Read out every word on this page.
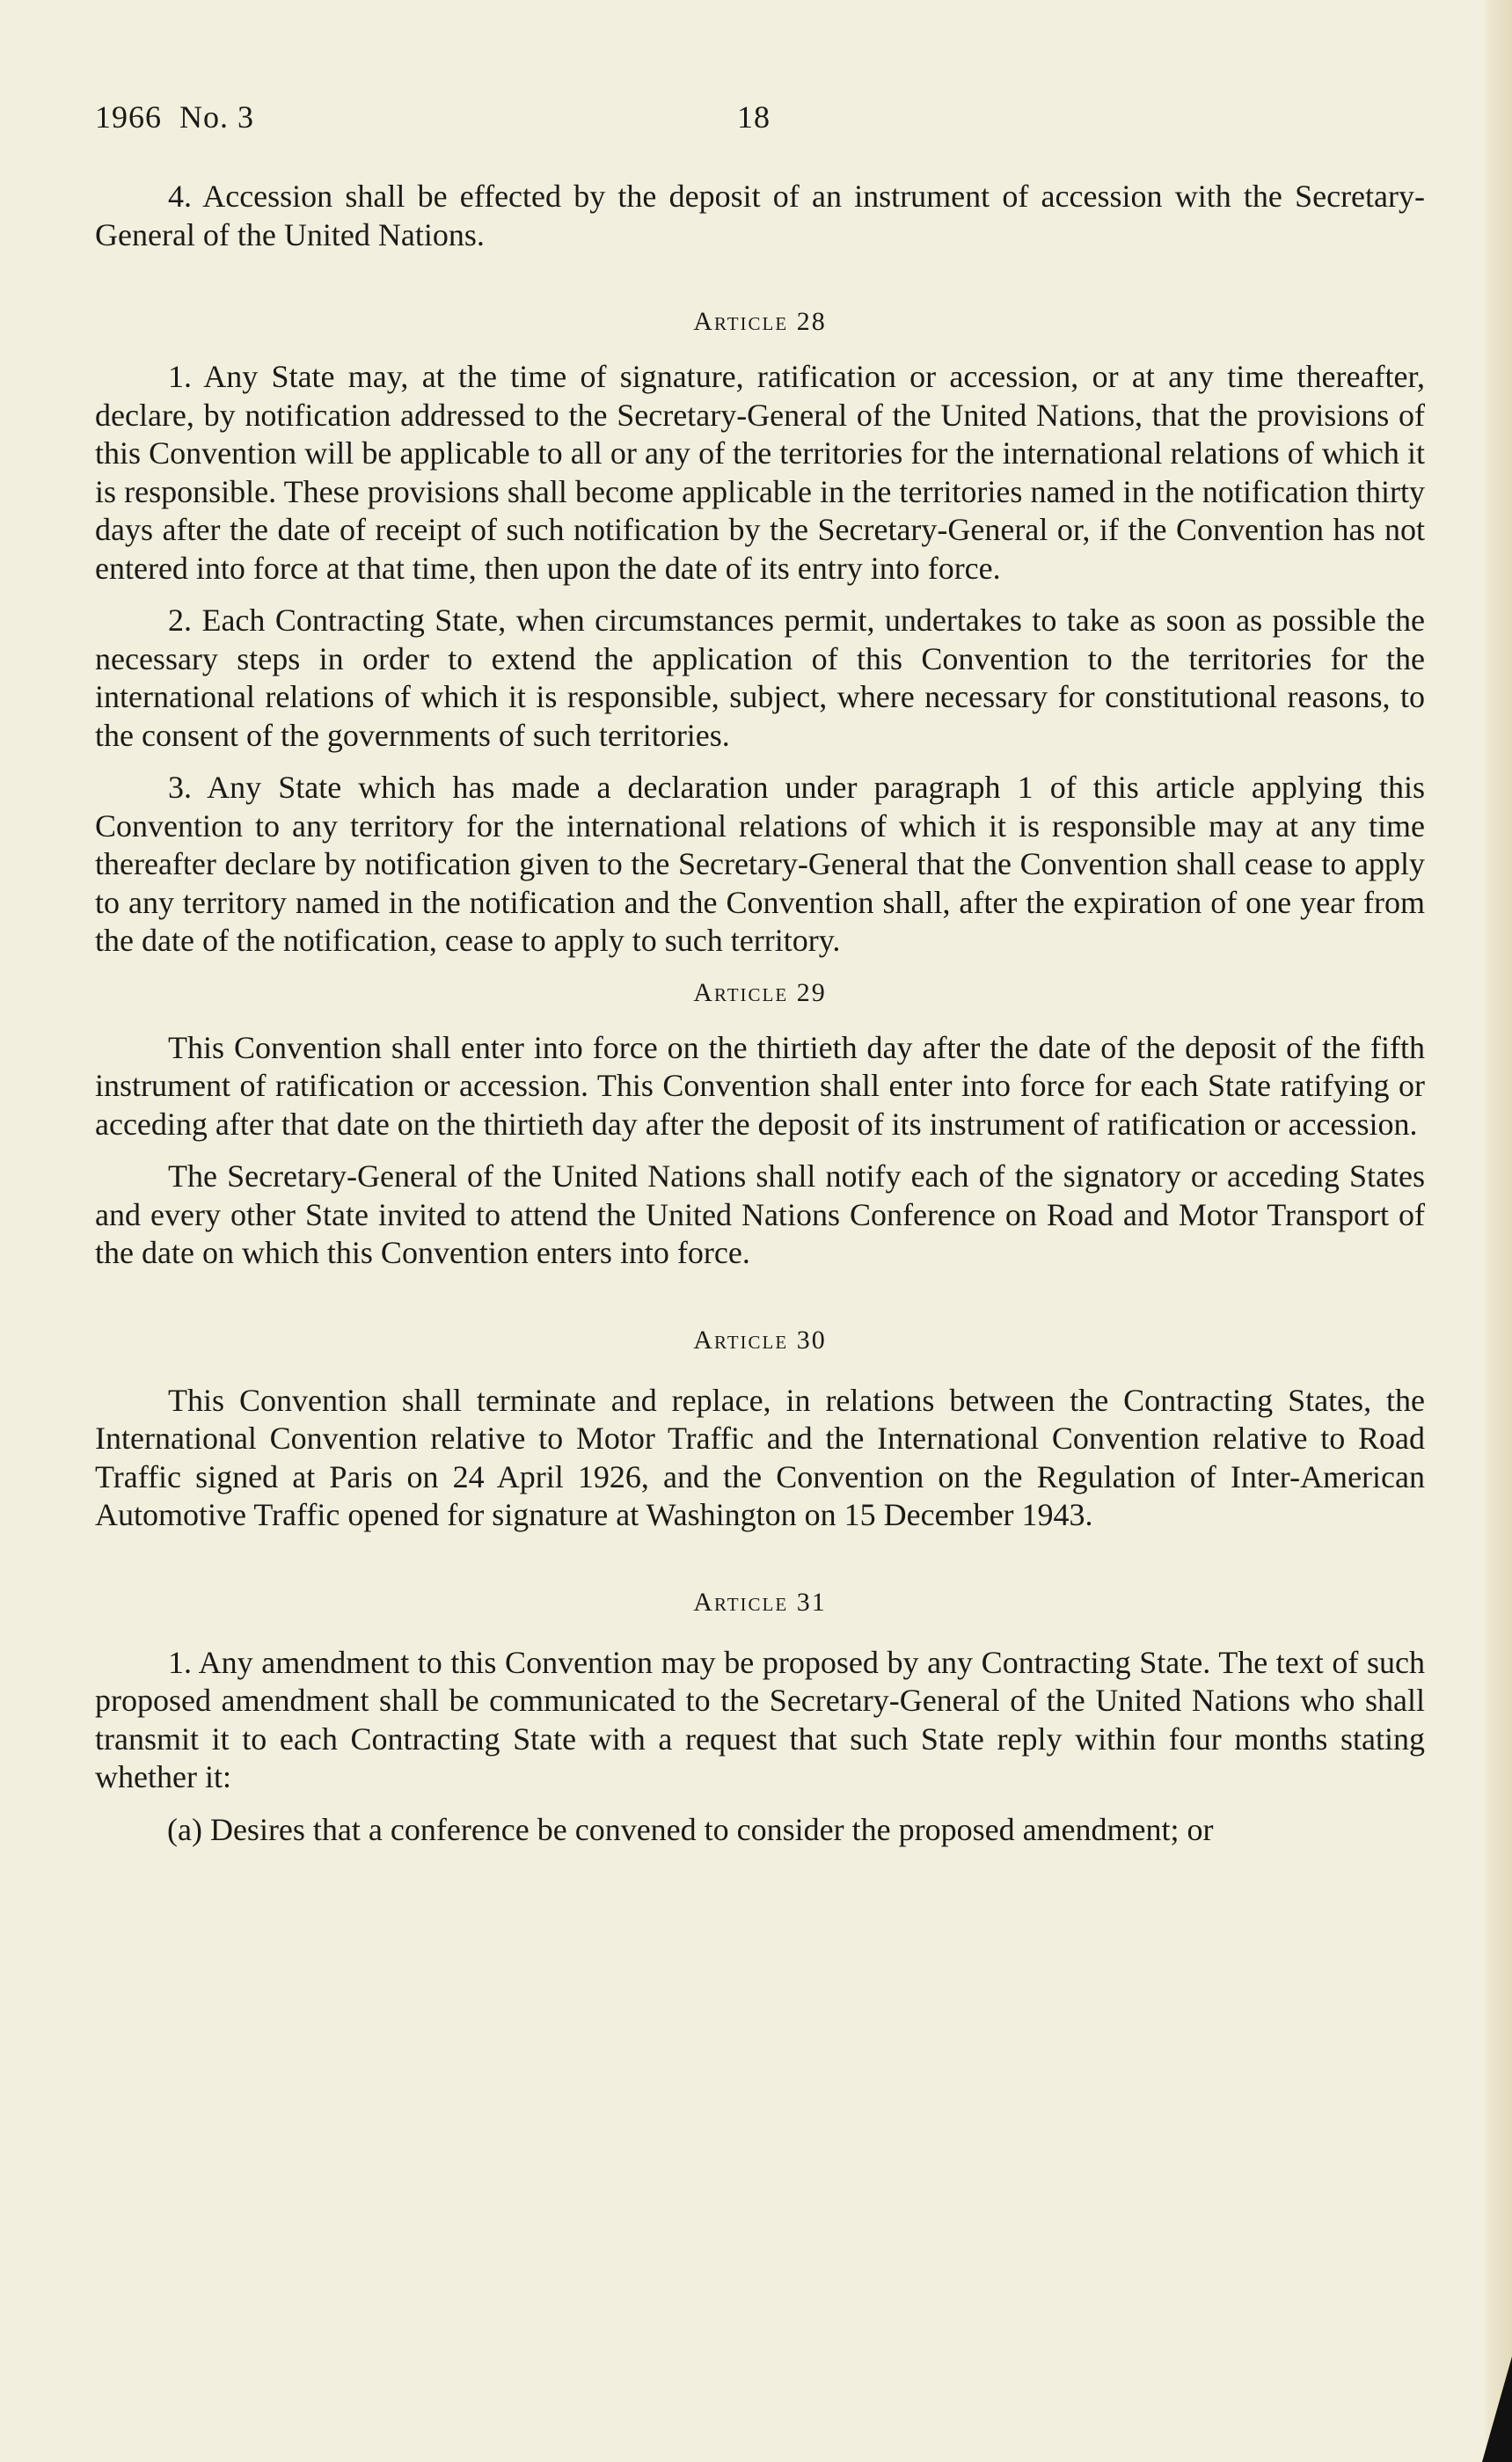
1966  No. 3	18

4. Accession shall be effected by the deposit of an instrument of accession with the Secretary-General of the United Nations.

Article 28

1. Any State may, at the time of signature, ratification or accession, or at any time thereafter, declare, by notification addressed to the Secretary-General of the United Nations, that the provisions of this Convention will be applicable to all or any of the territories for the international relations of which it is responsible. These provisions shall become applicable in the territories named in the notification thirty days after the date of receipt of such notification by the Secretary-General or, if the Convention has not entered into force at that time, then upon the date of its entry into force.

2. Each Contracting State, when circumstances permit, undertakes to take as soon as possible the necessary steps in order to extend the application of this Convention to the territories for the international relations of which it is responsible, subject, where necessary for constitutional reasons, to the consent of the governments of such territories.

3. Any State which has made a declaration under paragraph 1 of this article applying this Convention to any territory for the international relations of which it is responsible may at any time thereafter declare by notification given to the Secretary-General that the Convention shall cease to apply to any territory named in the notification and the Convention shall, after the expiration of one year from the date of the notification, cease to apply to such territory.

Article 29

This Convention shall enter into force on the thirtieth day after the date of the deposit of the fifth instrument of ratification or accession. This Convention shall enter into force for each State ratifying or acceding after that date on the thirtieth day after the deposit of its instrument of ratification or accession.

The Secretary-General of the United Nations shall notify each of the signatory or acceding States and every other State invited to attend the United Nations Conference on Road and Motor Transport of the date on which this Convention enters into force.

Article 30

This Convention shall terminate and replace, in relations between the Contracting States, the International Convention relative to Motor Traffic and the International Convention relative to Road Traffic signed at Paris on 24 April 1926, and the Convention on the Regulation of Inter-American Automotive Traffic opened for signature at Washington on 15 December 1943.

Article 31

1. Any amendment to this Convention may be proposed by any Contracting State. The text of such proposed amendment shall be communicated to the Secretary-General of the United Nations who shall transmit it to each Contracting State with a request that such State reply within four months stating whether it:

(a) Desires that a conference be convened to consider the proposed amendment; or
